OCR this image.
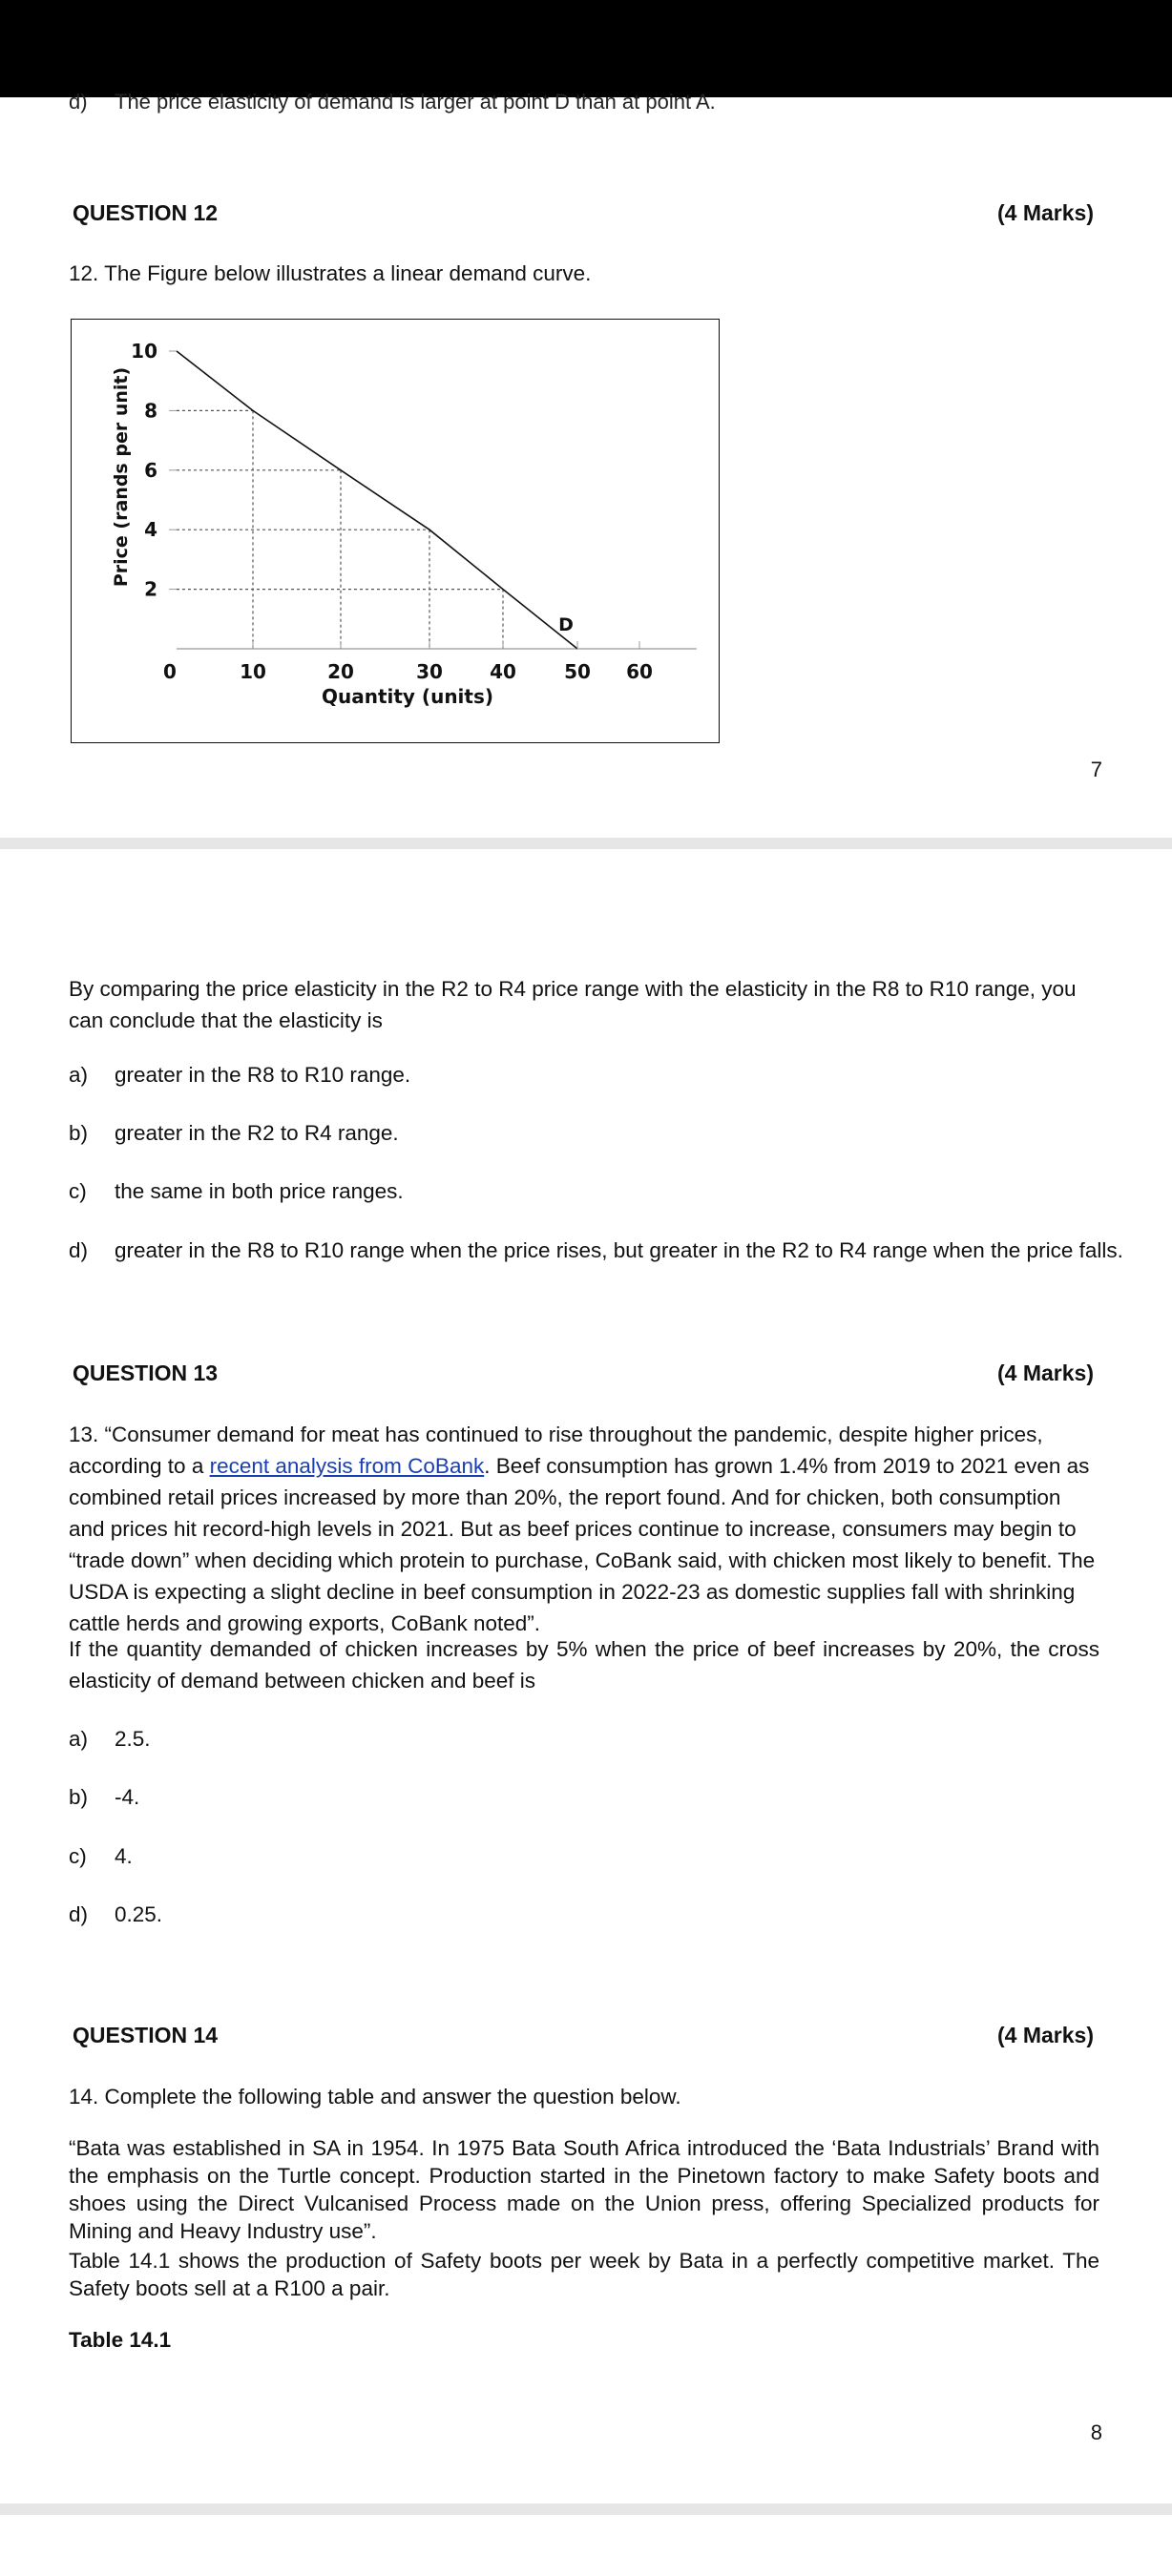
d) The price elasticity of demand is larger at point D than at point A.
QUESTION 12	(4 Marks)
12. The Figure below illustrates a linear demand curve.
2
4
6
8
10
0	10	20	30 40	50 60
Quantity (units)
Price (rands per unit)
D
7
By comparing the price elasticity in the R2 to R4 price range with the elasticity in the R8 to R10 range, you can conclude that the elasticity is
a) greater in the R8 to R10 range.
b) greater in the R2 to R4 range.
c) the same in both price ranges.
d) greater in the R8 to R10 range when the price rises, but greater in the R2 to R4 range when the price falls.
QUESTION 13	(4 Marks)
13. “Consumer demand for meat has continued to rise throughout the pandemic, despite higher prices, according to a recent analysis from CoBank. Beef consumption has grown 1.4% from 2019 to 2021 even as combined retail prices increased by more than 20%, the report found. And for chicken, both consumption and prices hit record-high levels in 2021. But as beef prices continue to increase, consumers may begin to “trade down” when deciding which protein to purchase, CoBank said, with chicken most likely to benefit. The USDA is expecting a slight decline in beef consumption in 2022-23 as domestic supplies fall with shrinking cattle herds and growing exports, CoBank noted”.
If the quantity demanded of chicken increases by 5% when the price of beef increases by 20%, the cross elasticity of demand between chicken and beef is
a) 2.5.
b) -4.
c) 4.
d) 0.25.
QUESTION 14	(4 Marks)
14. Complete the following table and answer the question below.
“Bata was established in SA in 1954. In 1975 Bata South Africa introduced the ‘Bata Industrials’ Brand with the emphasis on the Turtle concept. Production started in the Pinetown factory to make Safety boots and shoes using the Direct Vulcanised Process made on the Union press, offering Specialized products for Mining and Heavy Industry use”.
Table 14.1 shows the production of Safety boots per week by Bata in a perfectly competitive market. The Safety boots sell at a R100 a pair.
Table 14.1
8
